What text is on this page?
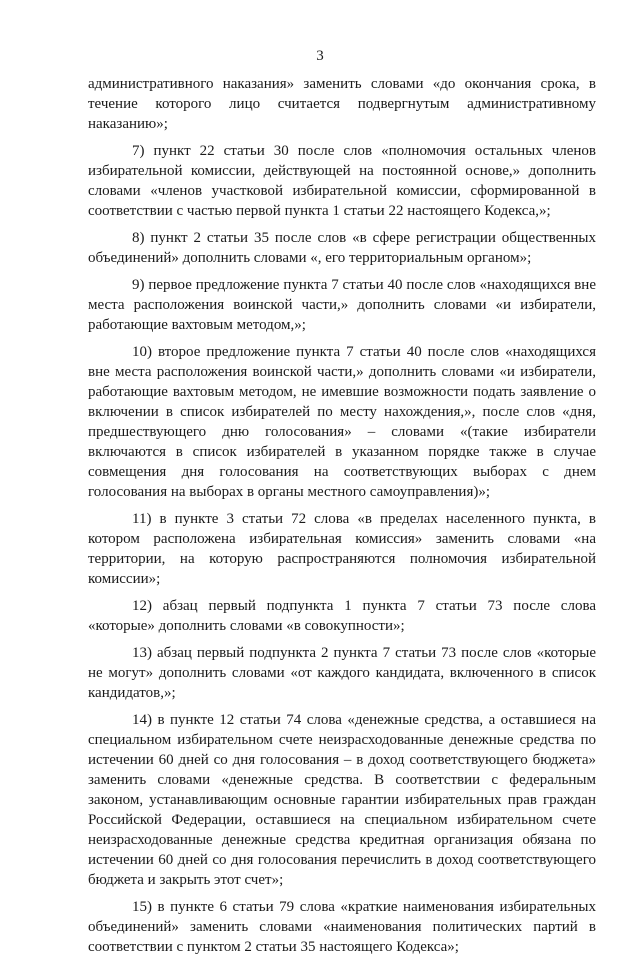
3

административного наказания» заменить словами «до окончания срока, в течение которого лицо считается подвергнутым административному наказанию»;

7) пункт 22 статьи 30 после слов «полномочия остальных членов избирательной комиссии, действующей на постоянной основе,» дополнить словами «членов участковой избирательной комиссии, сформированной в соответствии с частью первой пункта 1 статьи 22 настоящего Кодекса,»;

8) пункт 2 статьи 35 после слов «в сфере регистрации общественных объединений» дополнить словами «, его территориальным органом»;

9) первое предложение пункта 7 статьи 40 после слов «находящихся вне места расположения воинской части,» дополнить словами «и избиратели, работающие вахтовым методом,»;

10) второе предложение пункта 7 статьи 40 после слов «находящихся вне места расположения воинской части,» дополнить словами «и избиратели, работающие вахтовым методом, не имевшие возможности подать заявление о включении в список избирателей по месту нахождения,», после слов «дня, предшествующего дню голосования» – словами «(такие избиратели включаются в список избирателей в указанном порядке также в случае совмещения дня голосования на соответствующих выборах с днем голосования на выборах в органы местного самоуправления)»;

11) в пункте 3 статьи 72 слова «в пределах населенного пункта, в котором расположена избирательная комиссия» заменить словами «на территории, на которую распространяются полномочия избирательной комиссии»;

12) абзац первый подпункта 1 пункта 7 статьи 73 после слова «которые» дополнить словами «в совокупности»;

13) абзац первый подпункта 2 пункта 7 статьи 73 после слов «которые не могут» дополнить словами «от каждого кандидата, включенного в список кандидатов,»;

14) в пункте 12 статьи 74 слова «денежные средства, а оставшиеся на специальном избирательном счете неизрасходованные денежные средства по истечении 60 дней со дня голосования – в доход соответствующего бюджета» заменить словами «денежные средства. В соответствии с федеральным законом, устанавливающим основные гарантии избирательных прав граждан Российской Федерации, оставшиеся на специальном избирательном счете неизрасходованные денежные средства кредитная организация обязана по истечении 60 дней со дня голосования перечислить в доход соответствующего бюджета и закрыть этот счет»;

15) в пункте 6 статьи 79 слова «краткие наименования избирательных объединений» заменить словами «наименования политических партий в соответствии с пунктом 2 статьи 35 настоящего Кодекса»;
